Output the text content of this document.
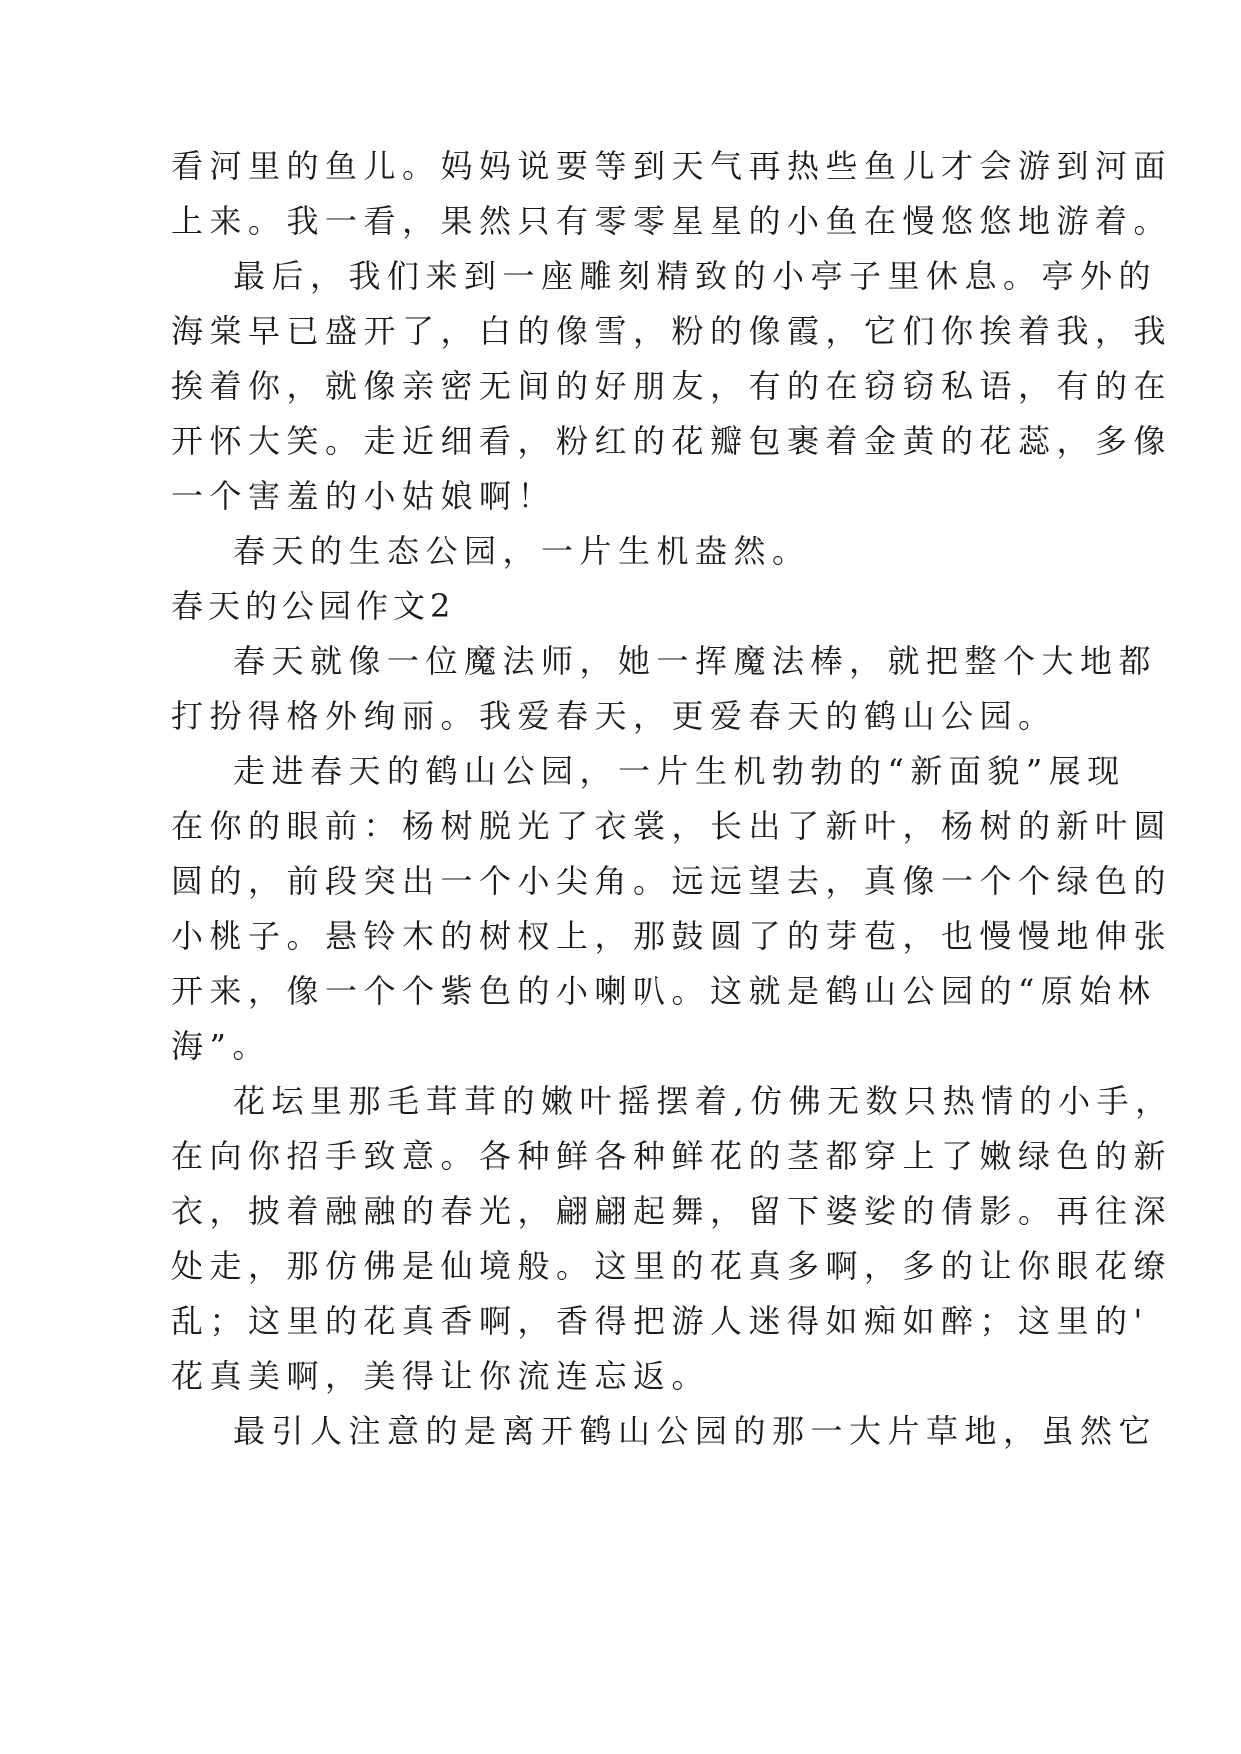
看河里的鱼儿。妈妈说要等到天气再热些鱼儿才会游到河面
上来。我一看，果然只有零零星星的小鱼在慢悠悠地游着。
最后，我们来到一座雕刻精致的小亭子里休息。亭外的
海棠早已盛开了，白的像雪，粉的像霞，它们你挨着我，我
挨着你，就像亲密无间的好朋友，有的在窃窃私语，有的在
开怀大笑。走近细看，粉红的花瓣包裹着金黄的花蕊，多像
一个害羞的小姑娘啊！
春天的生态公园，一片生机盎然。
春天的公园作文2
春天就像一位魔法师，她一挥魔法棒，就把整个大地都
打扮得格外绚丽。我爱春天，更爱春天的鹤山公园。
走进春天的鹤山公园，一片生机勃勃的“新面貌”展现
在你的眼前：杨树脱光了衣裳，长出了新叶，杨树的新叶圆
圆的，前段突出一个小尖角。远远望去，真像一个个绿色的
小桃子。悬铃木的树杈上，那鼓圆了的芽苞，也慢慢地伸张
开来，像一个个紫色的小喇叭。这就是鹤山公园的“原始林
海”。
花坛里那毛茸茸的嫩叶摇摆着,仿佛无数只热情的小手，
在向你招手致意。各种鲜各种鲜花的茎都穿上了嫩绿色的新
衣，披着融融的春光，翩翩起舞，留下婆娑的倩影。再往深
处走，那仿佛是仙境般。这里的花真多啊，多的让你眼花缭
乱；这里的花真香啊，香得把游人迷得如痴如醉；这里的'
花真美啊，美得让你流连忘返。
最引人注意的是离开鹤山公园的那一大片草地，虽然它
